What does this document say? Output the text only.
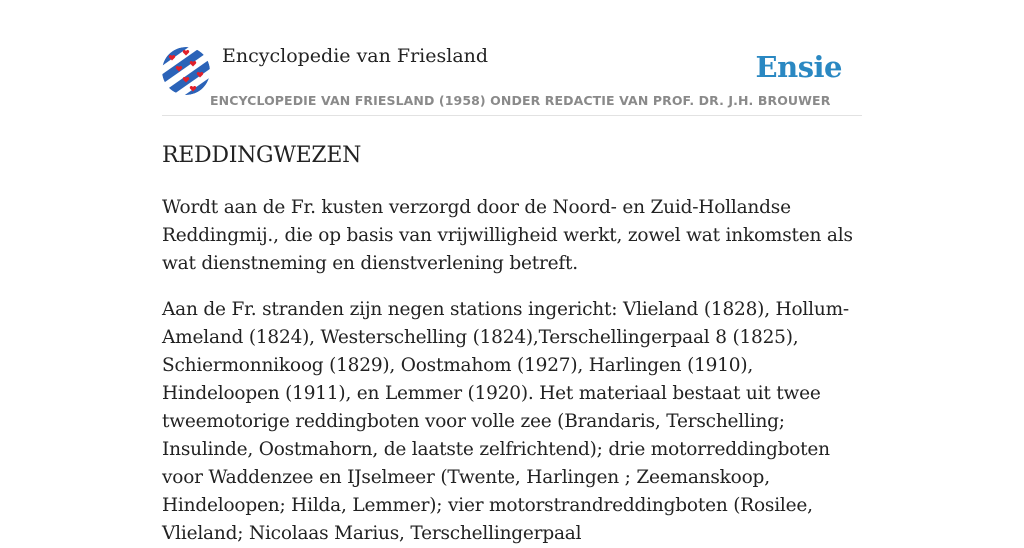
Encyclopedie van Friesland
ENCYCLOPEDIE VAN FRIESLAND (1958) ONDER REDACTIE VAN PROF. DR. J.H. BROUWER
Ensie
REDDINGWEZEN

Wordt aan de Fr. kusten verzorgd door de Noord- en Zuid-Hollandse Reddingmij., die op basis van vrijwilligheid werkt, zowel wat inkomsten als wat dienstneming en dienstverlening betreft.

Aan de Fr. stranden zijn negen stations ingericht: Vlieland (1828), Hollum-Ameland (1824), Westerschelling (1824),Terschellingerpaal 8 (1825), Schiermonnikoog (1829), Oostmahom (1927), Harlingen (1910), Hindeloopen (1911), en Lemmer (1920). Het materiaal bestaat uit twee tweemotorige reddingboten voor volle zee (Brandaris, Terschelling; Insulinde, Oostmahorn, de laatste zelfrichtend); drie motorreddingboten voor Waddenzee en IJselmeer (Twente, Harlingen ; Zeemanskoop, Hindeloopen; Hilda, Lemmer); vier motorstrandreddingboten (Rosilee, Vlieland; Nicolaas Marius, Terschellingerpaal
